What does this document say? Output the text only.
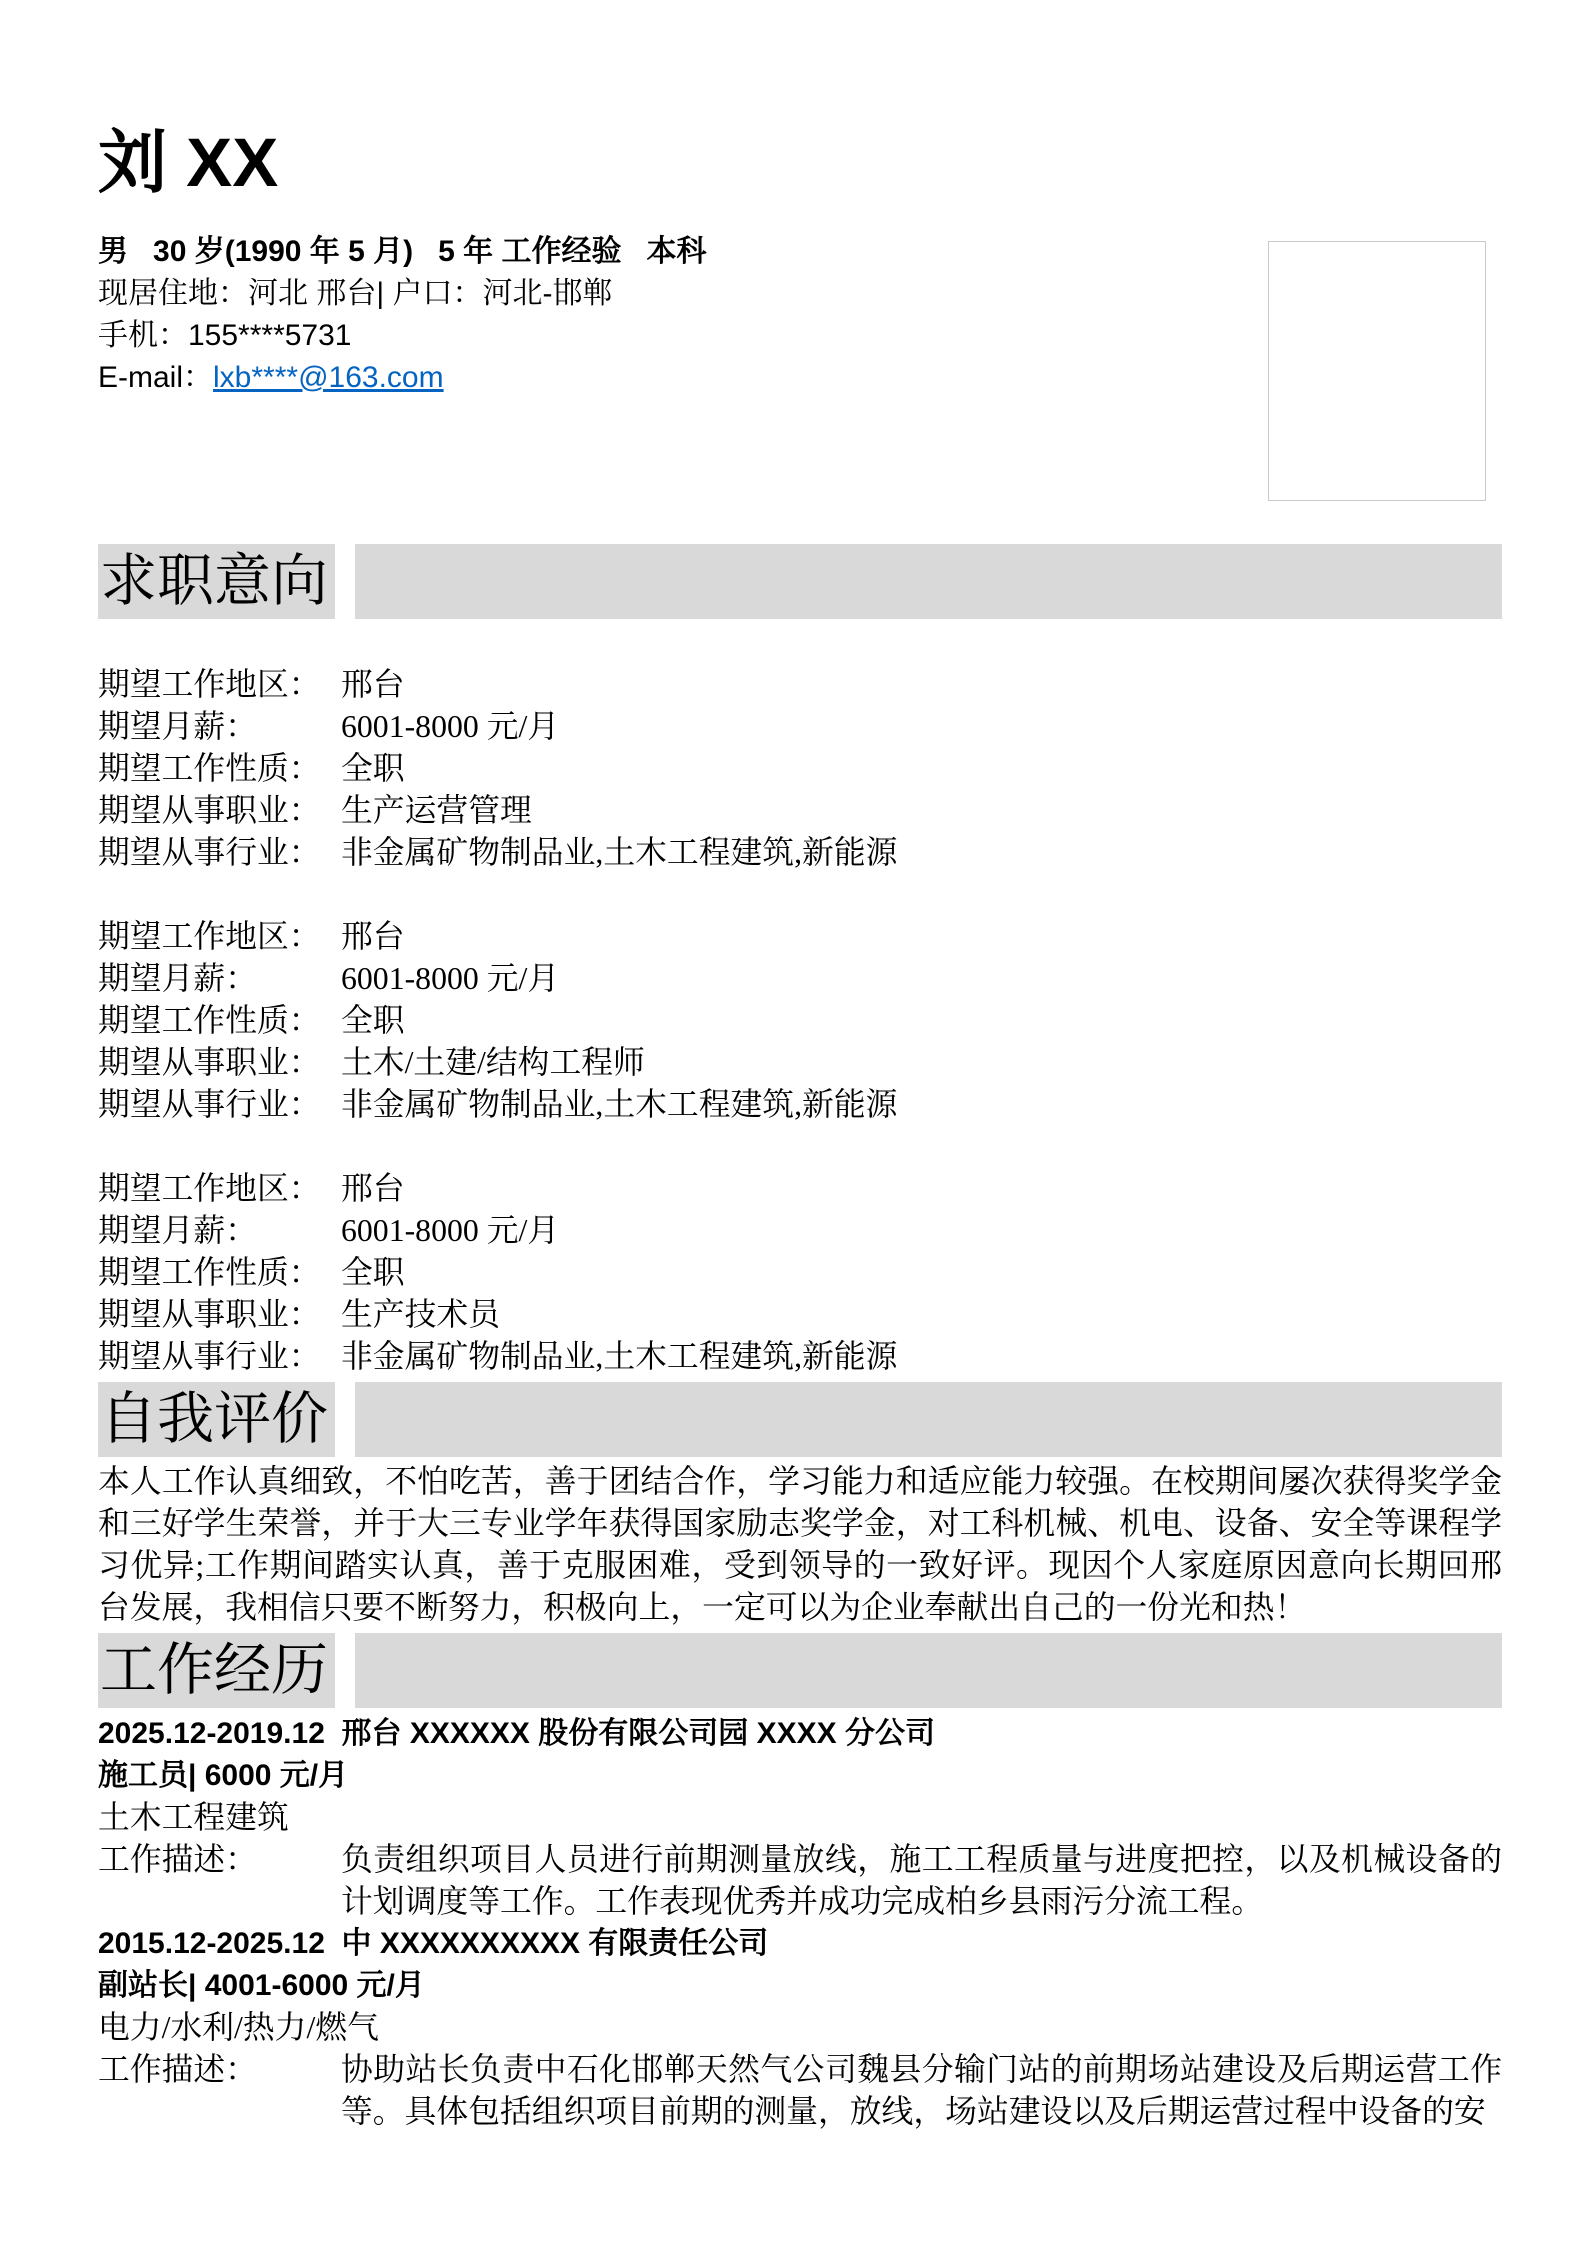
刘 XX
男   30 岁(1990 年 5 月)   5 年 工作经验   本科
现居住地：河北 邢台| 户口：河北-邯郸
手机：155****5731
E-mail：lxb****@163.com
求职意向
期望工作地区： 邢台
期望月薪：	6001-8000 元/月
期望工作性质： 全职
期望从事职业： 生产运营管理
期望从事行业： 非金属矿物制品业,土木工程建筑,新能源
期望工作地区： 邢台
期望月薪：	6001-8000 元/月
期望工作性质： 全职
期望从事职业： 土木/土建/结构工程师
期望从事行业： 非金属矿物制品业,土木工程建筑,新能源
期望工作地区： 邢台
期望月薪：	6001-8000 元/月
期望工作性质： 全职
期望从事职业： 生产技术员
期望从事行业： 非金属矿物制品业,土木工程建筑,新能源
自我评价
本人工作认真细致，不怕吃苦，善于团结合作，学习能力和适应能力较强。在校期间屡次获得奖学金和三好学生荣誉，并于大三专业学年获得国家励志奖学金，对工科机械、机电、设备、安全等课程学习优异;工作期间踏实认真，善于克服困难，受到领导的一致好评。现因个人家庭原因意向长期回邢台发展，我相信只要不断努力，积极向上，一定可以为企业奉献出自己的一份光和热！
工作经历
2025.12-2019.12  邢台 XXXXXX 股份有限公司园 XXXX 分公司
施工员| 6000 元/月
土木工程建筑
工作描述：	负责组织项目人员进行前期测量放线，施工工程质量与进度把控，以及机械设备的计划调度等工作。工作表现优秀并成功完成柏乡县雨污分流工程。
2015.12-2025.12  中 XXXXXXXXXX 有限责任公司
副站长| 4001-6000 元/月
电力/水利/热力/燃气
工作描述：	协助站长负责中石化邯郸天然气公司魏县分输门站的前期场站建设及后期运营工作等。具体包括组织项目前期的测量，放线，场站建设以及后期运营过程中设备的安
